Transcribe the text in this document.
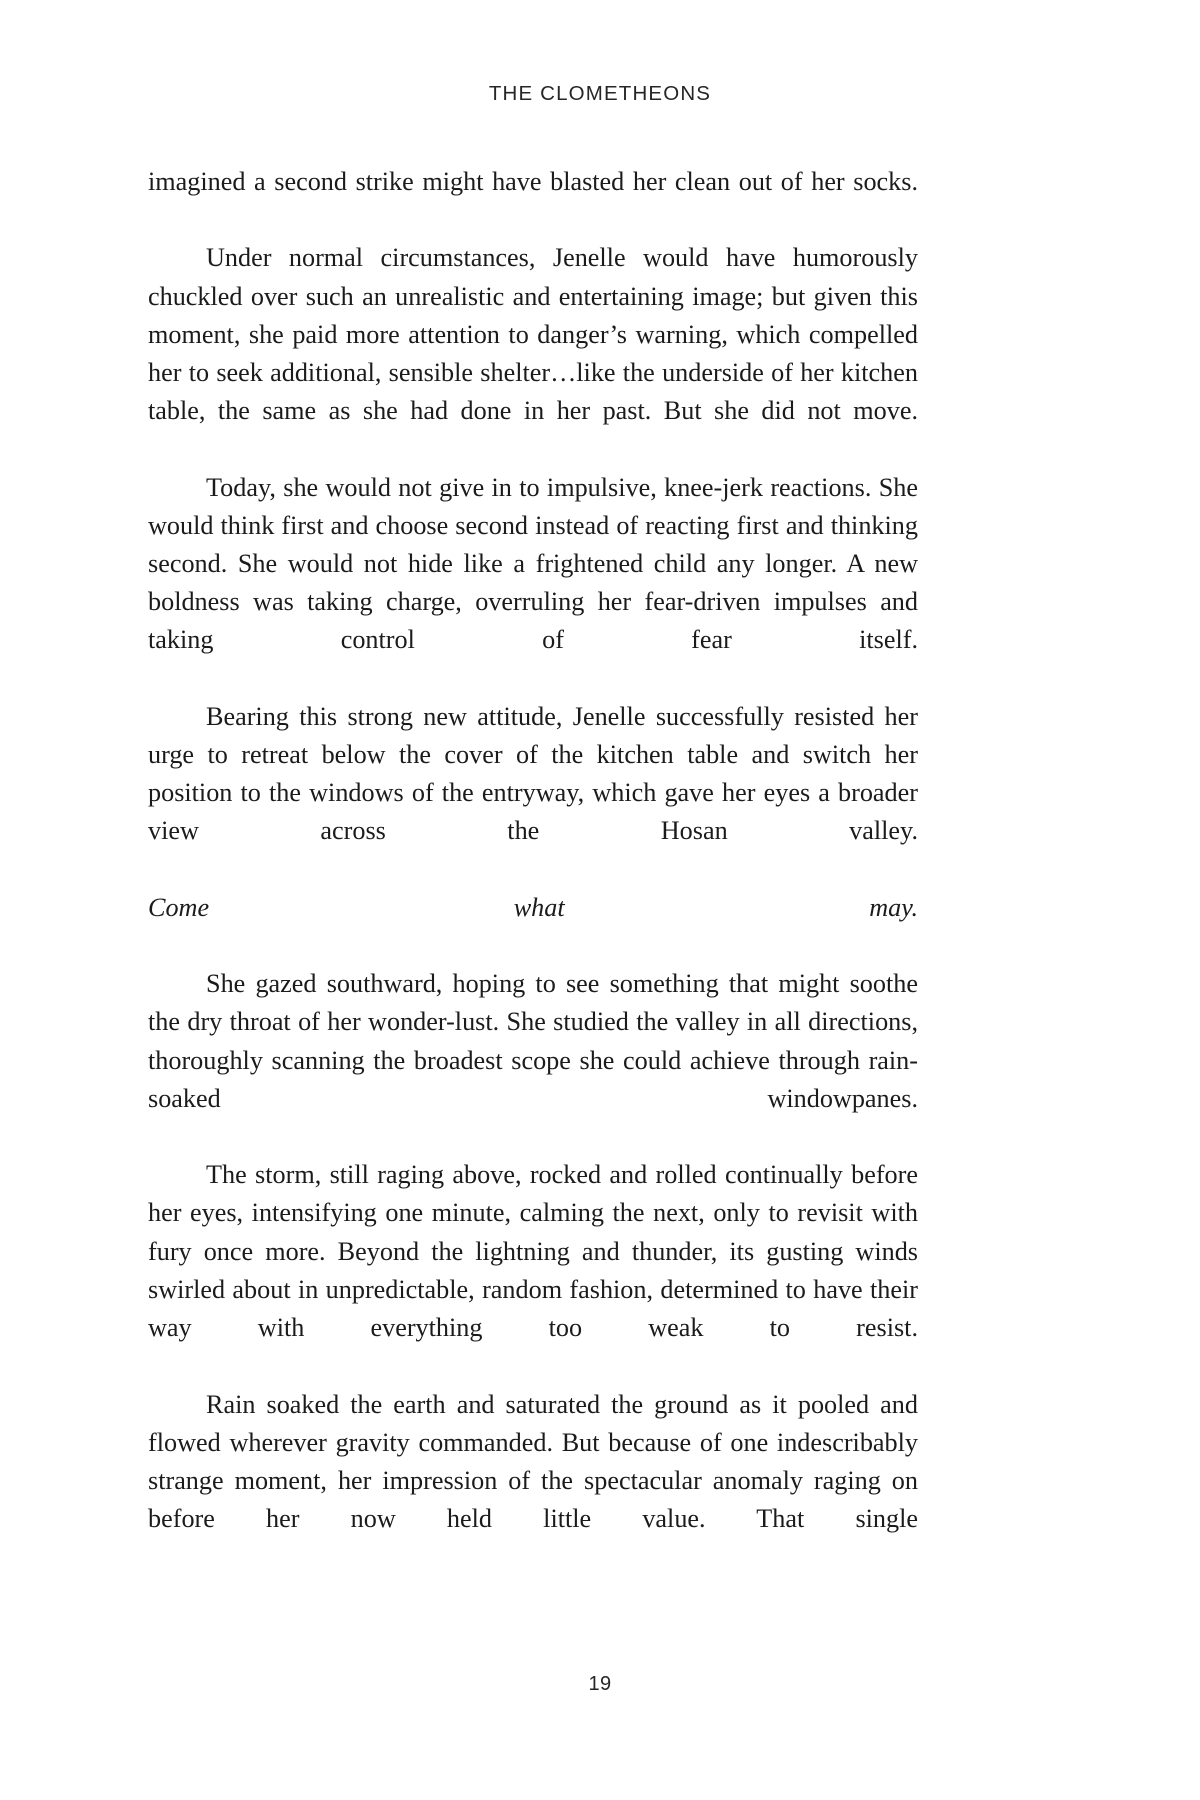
THE CLOMETHEONS

imagined a second strike might have blasted her clean out of her socks.

Under normal circumstances, Jenelle would have humorously chuckled over such an unrealistic and entertaining image; but given this moment, she paid more attention to danger’s warning, which compelled her to seek additional, sensible shelter…like the underside of her kitchen table, the same as she had done in her past. But she did not move.

Today, she would not give in to impulsive, knee-jerk reactions. She would think first and choose second instead of reacting first and thinking second. She would not hide like a frightened child any longer. A new boldness was taking charge, overruling her fear-driven impulses and taking control of fear itself.

Bearing this strong new attitude, Jenelle successfully resisted her urge to retreat below the cover of the kitchen table and switch her position to the windows of the entryway, which gave her eyes a broader view across the Hosan valley.

Come what may.

She gazed southward, hoping to see something that might soothe the dry throat of her wonder-lust. She studied the valley in all directions, thoroughly scanning the broadest scope she could achieve through rain-soaked windowpanes.

The storm, still raging above, rocked and rolled continually before her eyes, intensifying one minute, calming the next, only to revisit with fury once more. Beyond the lightning and thunder, its gusting winds swirled about in unpredictable, random fashion, determined to have their way with everything too weak to resist.

Rain soaked the earth and saturated the ground as it pooled and flowed wherever gravity commanded. But because of one indescribably strange moment, her impression of the spectacular anomaly raging on before her now held little value. That single

19
